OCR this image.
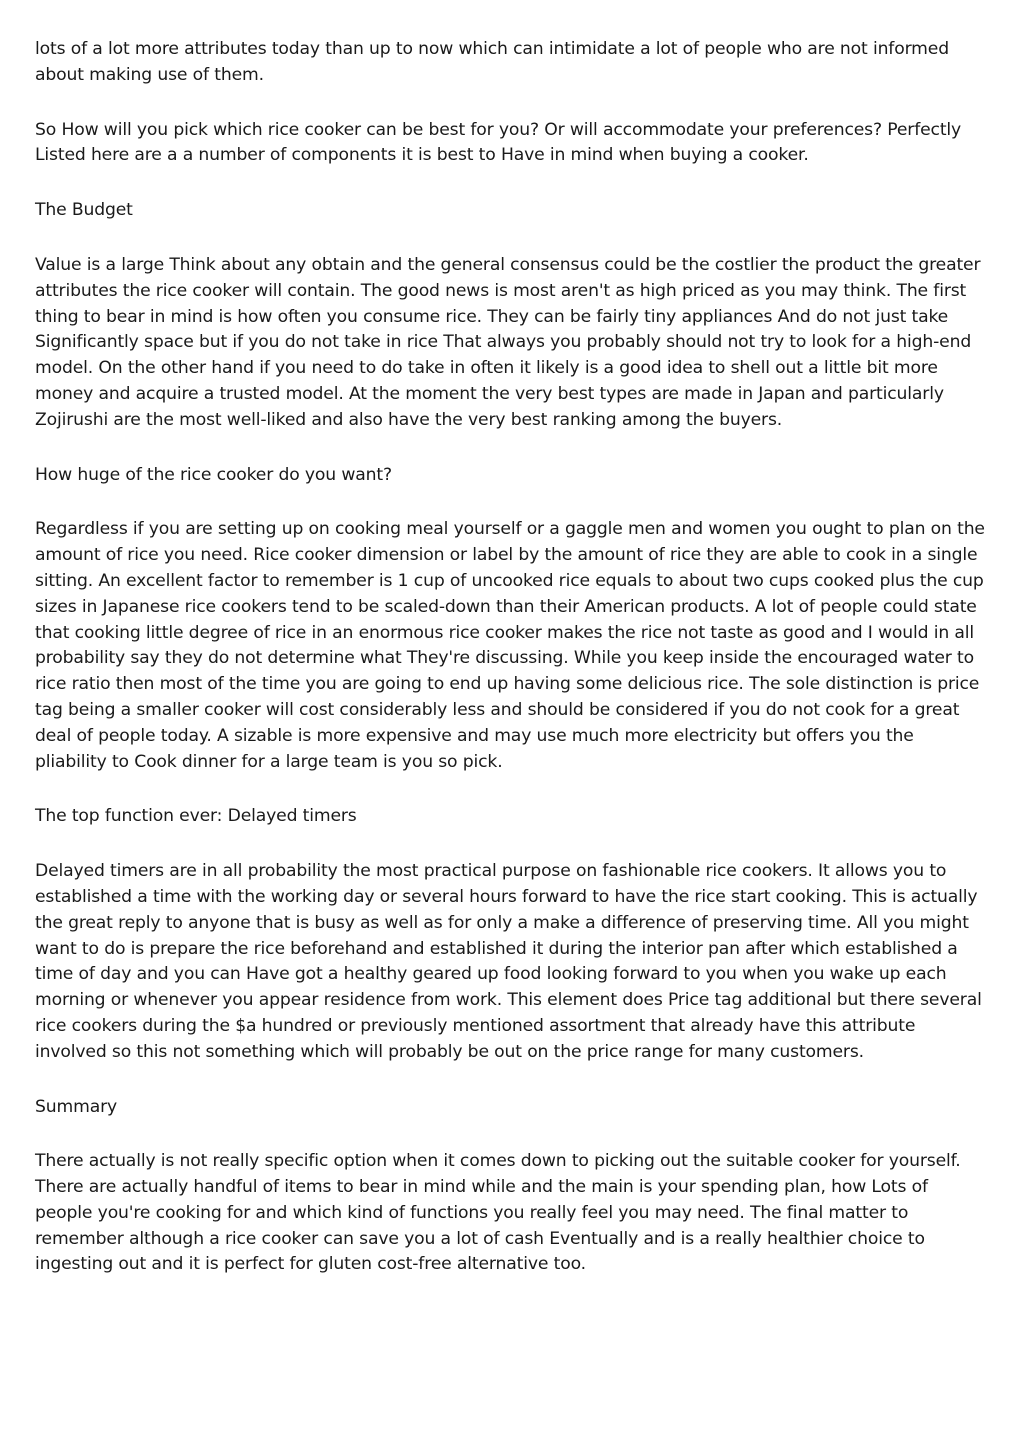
lots of a lot more attributes today than up to now which can intimidate a lot of people who are not informed about making use of them.

So How will you pick which rice cooker can be best for you? Or will accommodate your preferences? Perfectly Listed here are a a number of components it is best to Have in mind when buying a cooker.

The Budget

Value is a large Think about any obtain and the general consensus could be the costlier the product the greater attributes the rice cooker will contain. The good news is most aren't as high priced as you may think. The first thing to bear in mind is how often you consume rice. They can be fairly tiny appliances And do not just take Significantly space but if you do not take in rice That always you probably should not try to look for a high-end model. On the other hand if you need to do take in often it likely is a good idea to shell out a little bit more money and acquire a trusted model. At the moment the very best types are made in Japan and particularly Zojirushi are the most well-liked and also have the very best ranking among the buyers.

How huge of the rice cooker do you want?

Regardless if you are setting up on cooking meal yourself or a gaggle men and women you ought to plan on the amount of rice you need. Rice cooker dimension or label by the amount of rice they are able to cook in a single sitting. An excellent factor to remember is 1 cup of uncooked rice equals to about two cups cooked plus the cup sizes in Japanese rice cookers tend to be scaled-down than their American products. A lot of people could state that cooking little degree of rice in an enormous rice cooker makes the rice not taste as good and I would in all probability say they do not determine what They're discussing. While you keep inside the encouraged water to rice ratio then most of the time you are going to end up having some delicious rice. The sole distinction is price tag being a smaller cooker will cost considerably less and should be considered if you do not cook for a great deal of people today. A sizable is more expensive and may use much more electricity but offers you the pliability to Cook dinner for a large team is you so pick.

The top function ever: Delayed timers

Delayed timers are in all probability the most practical purpose on fashionable rice cookers. It allows you to established a time with the working day or several hours forward to have the rice start cooking. This is actually the great reply to anyone that is busy as well as for only a make a difference of preserving time. All you might want to do is prepare the rice beforehand and established it during the interior pan after which established a time of day and you can Have got a healthy geared up food looking forward to you when you wake up each morning or whenever you appear residence from work. This element does Price tag additional but there several rice cookers during the $a hundred or previously mentioned assortment that already have this attribute involved so this not something which will probably be out on the price range for many customers.

Summary

There actually is not really specific option when it comes down to picking out the suitable cooker for yourself. There are actually handful of items to bear in mind while and the main is your spending plan, how Lots of people you're cooking for and which kind of functions you really feel you may need. The final matter to remember although a rice cooker can save you a lot of cash Eventually and is a really healthier choice to ingesting out and it is perfect for gluten cost-free alternative too.
